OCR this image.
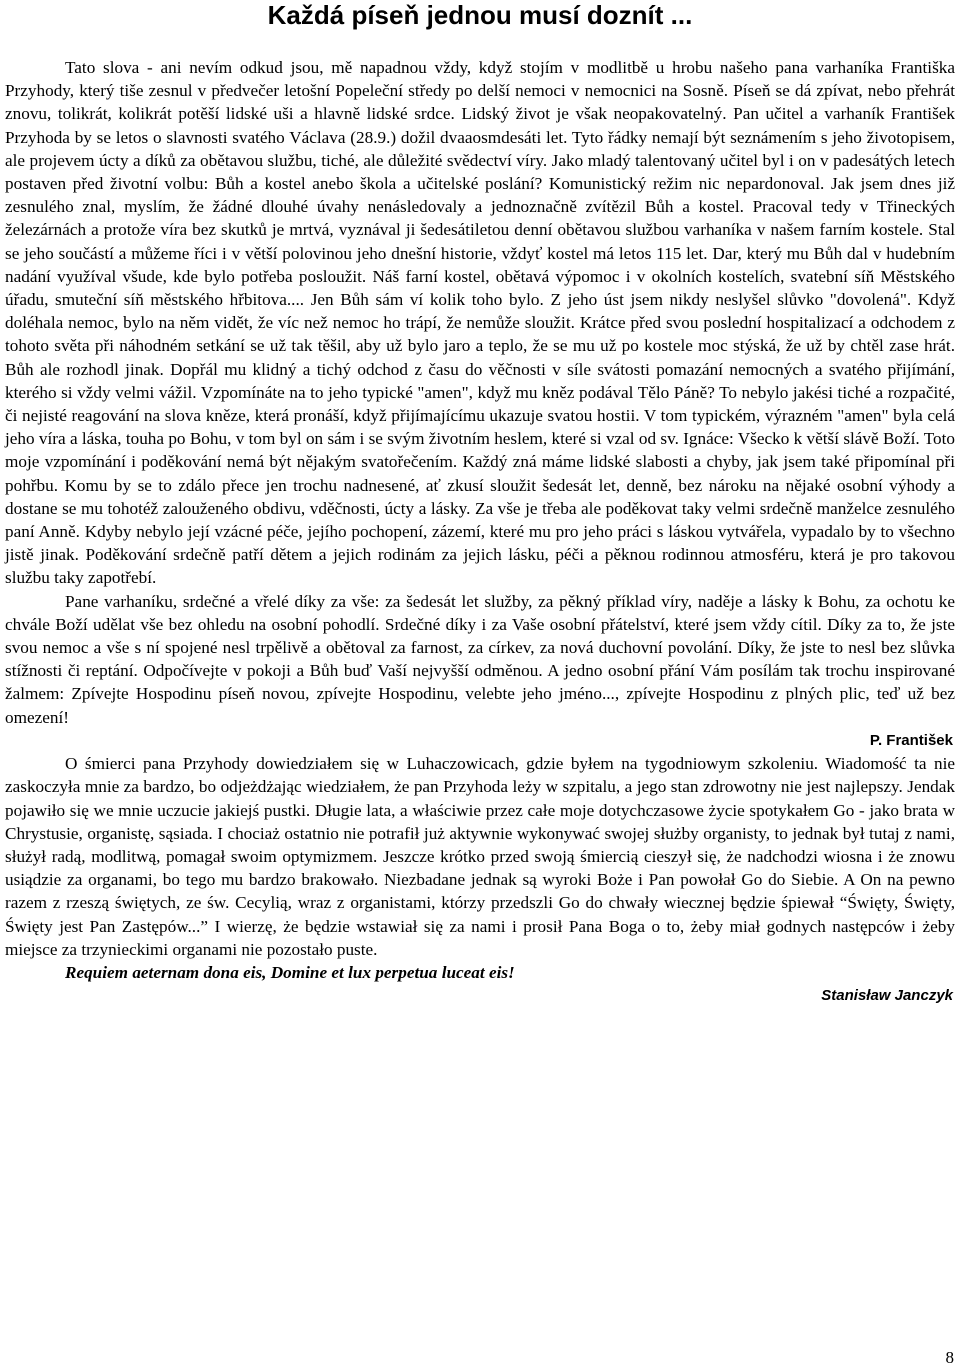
Každá píseň jednou musí doznít ...

Tato slova - ani nevím odkud jsou, mě napadnou vždy, když stojím v modlitbě u hrobu našeho pana varhaníka Františka Przyhody, který tiše zesnul v předvečer letošní Popeleční středy po delší nemoci v nemocnici na Sosně. Píseň se dá zpívat, nebo přehrát znovu, tolikrát, kolikrát potěší lidské uši a hlavně lidské srdce. Lidský život je však neopakovatelný. Pan učitel a varhaník František Przyhoda by se letos o slavnosti svatého Václava (28.9.) dožil dvaaosmdesáti let. Tyto řádky nemají být seznámením s jeho životopisem, ale projevem úcty a díků za obětavou službu, tiché, ale důležité svědectví víry. Jako mladý talentovaný učitel byl i on v padesátých letech postaven před životní volbu: Bůh a kostel anebo škola a učitelské poslání? Komunistický režim nic nepardonoval. Jak jsem dnes již zesnulého znal, myslím, že žádné dlouhé úvahy nenásledovaly a jednoznačně zvítězil Bůh a kostel. Pracoval tedy v Třineckých železárnách a protože víra bez skutků je mrtvá, vyznával ji šedesátiletou denní obětavou službou varhaníka v našem farním kostele. Stal se jeho součástí a můžeme říci i v větší polovinou jeho dnešní historie, vždyť kostel má letos 115 let. Dar, který mu Bůh dal v hudebním nadání využíval všude, kde bylo potřeba posloužit. Náš farní kostel, obětavá výpomoc i v okolních kostelích, svatební síň Městského úřadu, smuteční síň městského hřbitova.... Jen Bůh sám ví kolik toho bylo. Z jeho úst jsem nikdy neslyšel slůvko "dovolená". Když doléhala nemoc, bylo na něm vidět, že víc než nemoc ho trápí, že nemůže sloužit. Krátce před svou poslední hospitalizací a odchodem z tohoto světa při náhodném setkání se už tak těšil, aby už bylo jaro a teplo, že se mu už po kostele moc stýská, že už by chtěl zase hrát. Bůh ale rozhodl jinak. Dopřál mu klidný a tichý odchod z času do věčnosti v síle svátosti pomazání nemocných a svatého přijímání, kterého si vždy velmi vážil. Vzpomínáte na to jeho typické "amen", když mu kněz podával Tělo Páně? To nebylo jakési tiché a rozpačité, či nejisté reagování na slova kněze, která pronáší, když přijímajícímu ukazuje svatou hostii. V tom typickém, výrazném "amen" byla celá jeho víra a láska, touha po Bohu, v tom byl on sám i se svým životním heslem, které si vzal od sv. Ignáce: Všecko k větší slávě Boží. Toto moje vzpomínání i poděkování nemá být nějakým svatořečením. Každý zná máme lidské slabosti a chyby, jak jsem také připomínal při pohřbu. Komu by se to zdálo přece jen trochu nadnesené, ať zkusí sloužit šedesát let, denně, bez nároku na nějaké osobní výhody a dostane se mu tohotéž zalouženého obdivu, vděčnosti, úcty a lásky. Za vše je třeba ale poděkovat taky velmi srdečně manželce zesnulého paní Anně. Kdyby nebylo její vzácné péče, jejího pochopení, zázemí, které mu pro jeho práci s láskou vytvářela, vypadalo by to všechno jistě jinak. Poděkování srdečně patří dětem a jejich rodinám za jejich lásku, péči a pěknou rodinnou atmosféru, která je pro takovou službu taky zapotřebí.

Pane varhaníku, srdečné a vřelé díky za vše: za šedesát let služby, za pěkný příklad víry, naděje a lásky k Bohu, za ochotu ke chvále Boží udělat vše bez ohledu na osobní pohodlí. Srdečné díky i za Vaše osobní přátelství, které jsem vždy cítil. Díky za to, že jste svou nemoc a vše s ní spojené nesl trpělivě a obětoval za farnost, za církev, za nová duchovní povolání. Díky, že jste to nesl bez slůvka stížnosti či reptání. Odpočívejte v pokoji a Bůh buď Vaší nejvyšší odměnou. A jedno osobní přání Vám posílám tak trochu inspirované žalmem: Zpívejte Hospodinu píseň novou, zpívejte Hospodinu, velebte jeho jméno..., zpívejte Hospodinu z plných plic, teď už bez omezení!

P. František

O śmierci pana Przyhody dowiedziałem się w Luhaczowicach, gdzie byłem na tygodniowym szkoleniu. Wiadomość ta nie zaskoczyła mnie za bardzo, bo odjeżdżając wiedziałem, że pan Przyhoda leży w szpitalu, a jego stan zdrowotny nie jest najlepszy. Jendak pojawiło się we mnie uczucie jakiejś pustki. Długie lata, a właściwie przez całe moje dotychczasowe życie spotykałem Go - jako brata w Chrystusie, organistę, sąsiada. I chociaż ostatnio nie potrafił już aktywnie wykonywać swojej służby organisty, to jednak był tutaj z nami, służył radą, modlitwą, pomagał swoim optymizmem. Jeszcze krótko przed swoją śmiercią cieszył się, że nadchodzi wiosna i że znowu usiądzie za organami, bo tego mu bardzo brakowało. Niezbadane jednak są wyroki Boże i Pan powołał Go do Siebie. A On na pewno razem z rzeszą świętych, ze św. Cecylią, wraz z organistami, którzy przedszli Go do chwały wiecznej będzie śpiewał “Święty, Święty, Święty jest Pan Zastępów...” I wierzę, że będzie wstawiał się za nami i prosił Pana Boga o to, żeby miał godnych następców i żeby miejsce za trzynieckimi organami nie pozostało puste.

Requiem aeternam dona eis, Domine et lux perpetua luceat eis!

Stanisław Janczyk

8
